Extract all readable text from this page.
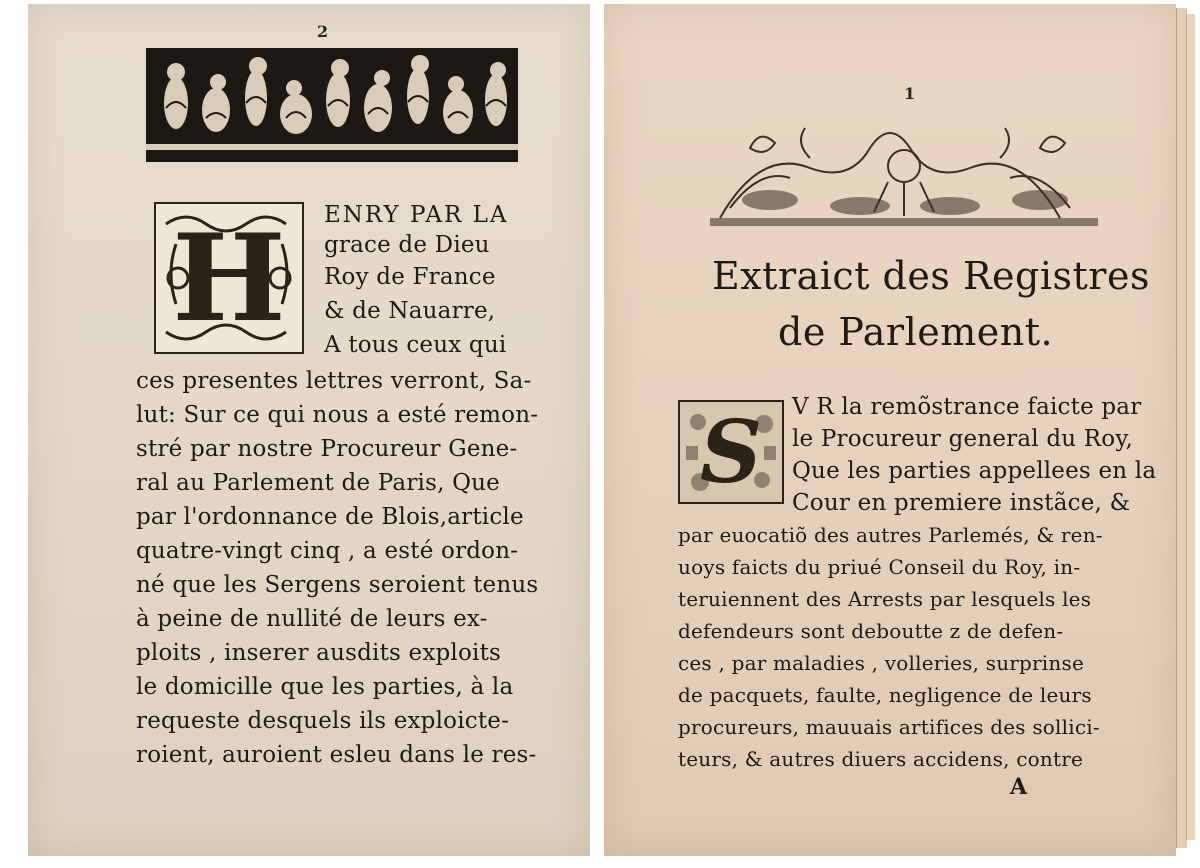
2
H	ENRY PAR LA
grace de Dieu
Roy de France
& de Nauarre,
A tous ceux qui
ces presentes lettres verront, Sa-
lut: Sur ce qui nous a esté remon-
stré par nostre Procureur Gene-
ral au Parlement de Paris, Que
par l'ordonnance de Blois,article
quatre-vingt cinq , a esté ordon-
né que les Sergens seroient tenus
à peine de nullité de leurs ex-
ploits , inserer ausdits exploits
le domicille que les parties, à la
requeste desquels ils exploicte-
roient, auroient esleu dans le res-
1
Extraict des Registres
de Parlement.
S	V R la remõstrance faicte par
le Procureur general du Roy,
Que les parties appellees en la
Cour en premiere instãce, &
par euocatiõ des autres Parlemés, & ren-
uoys faicts du priué Conseil du Roy, in-
teruiennent des Arrests par lesquels les
defendeurs sont deboutte z de defen-
ces , par maladies , volleries, surprinse
de pacquets, faulte, negligence de leurs
procureurs, mauuais artifices des sollici-
teurs, & autres diuers accidens, contre
A
